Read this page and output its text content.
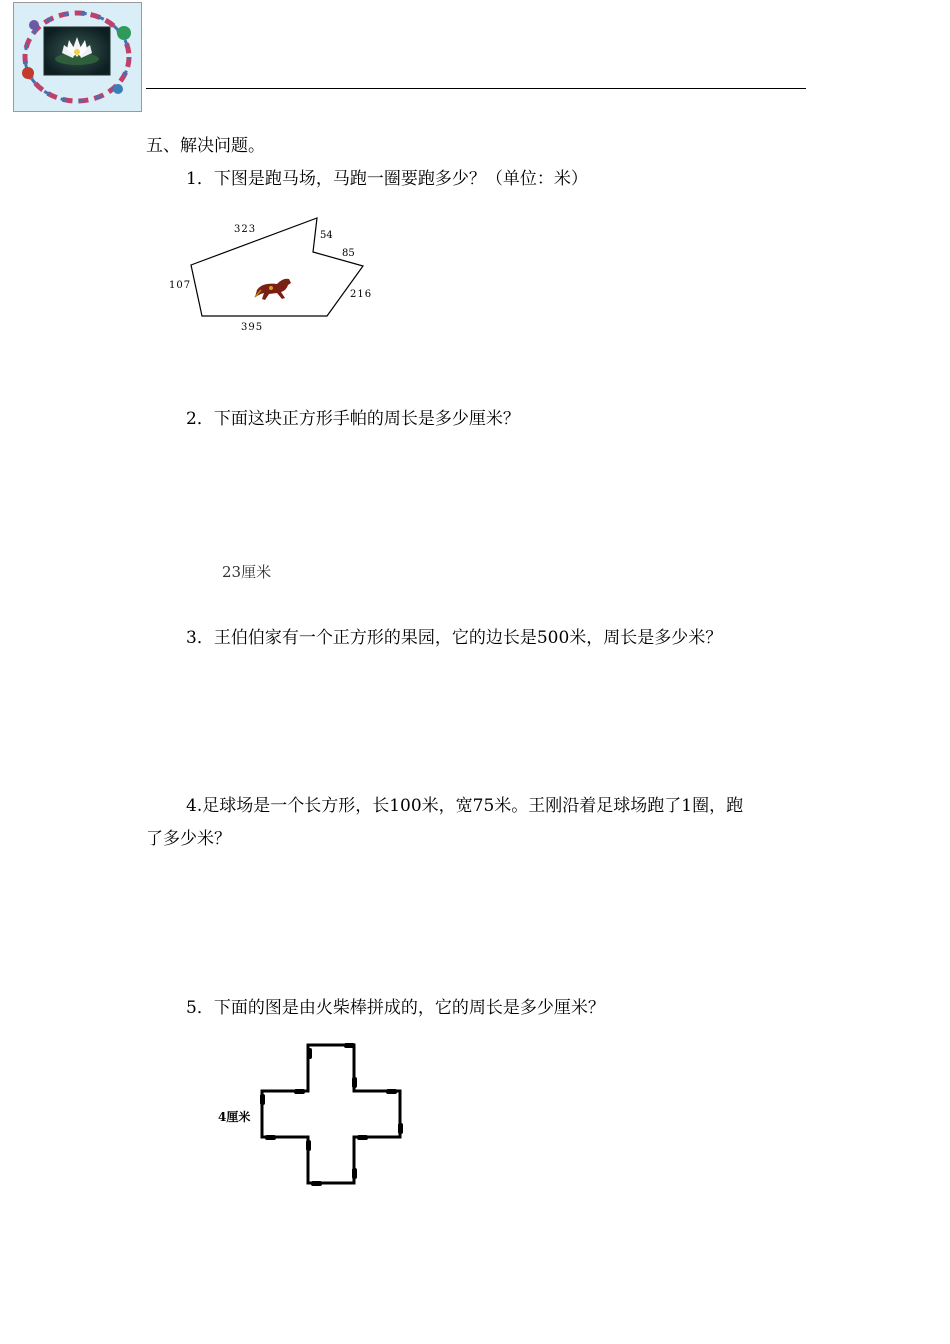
五、解决问题。
1．下图是跑马场，马跑一圈要跑多少？（单位：米）
323
54
85
216
395
107
2．下面这块正方形手帕的周长是多少厘米？
23厘米
3．王伯伯家有一个正方形的果园，它的边长是500米，周长是多少米？
4.足球场是一个长方形，长100米，宽75米。王刚沿着足球场跑了1圈，跑
了多少米？
5．下面的图是由火柴棒拼成的，它的周长是多少厘米？
4厘米
